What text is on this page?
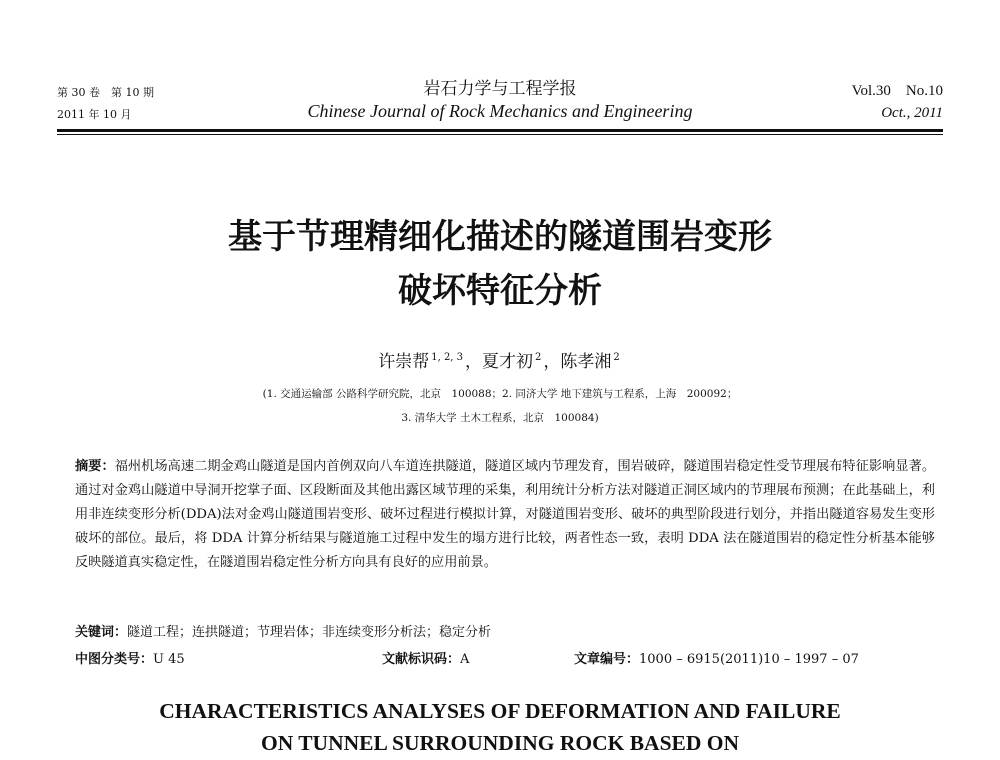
第 30 卷　第 10 期
2011 年 10 月
岩石力学与工程学报
Chinese Journal of Rock Mechanics and Engineering
Vol.30　No.10
Oct., 2011
基于节理精细化描述的隧道围岩变形
破坏特征分析
许崇帮 $^{1, 2, 3}$ ，夏才初 $^2$ ，陈孝湘 $^2$
(1. 交通运输部 公路科学研究院，北京　100088；2. 同济大学 地下建筑与工程系，上海　200092；
3. 清华大学 土木工程系，北京　100084)
摘要：福州机场高速二期金鸡山隧道是国内首例双向八车道连拱隧道，隧道区域内节理发育，围岩破碎，隧道围岩稳定性受节理展布特征影响显著。通过对金鸡山隧道中导洞开挖掌子面、区段断面及其他出露区域节理的采集，利用统计分析方法对隧道正洞区域内的节理展布预测；在此基础上，利用非连续变形分析(DDA)法对金鸡山隧道围岩变形、破坏过程进行模拟计算，对隧道围岩变形、破坏的典型阶段进行划分，并指出隧道容易发生变形破坏的部位。最后，将 DDA 计算分析结果与隧道施工过程中发生的塌方进行比较，两者性态一致，表明 DDA 法在隧道围岩的稳定性分析基本能够反映隧道真实稳定性，在隧道围岩稳定性分析方向具有良好的应用前景。
关键词：隧道工程；连拱隧道；节理岩体；非连续变形分析法；稳定分析
中图分类号：U 45	文献标识码：A	文章编号：1000 – 6915(2011)10 – 1997 – 07
CHARACTERISTICS ANALYSES OF DEFORMATION AND FAILURE
ON TUNNEL SURROUNDING ROCK BASED ON
